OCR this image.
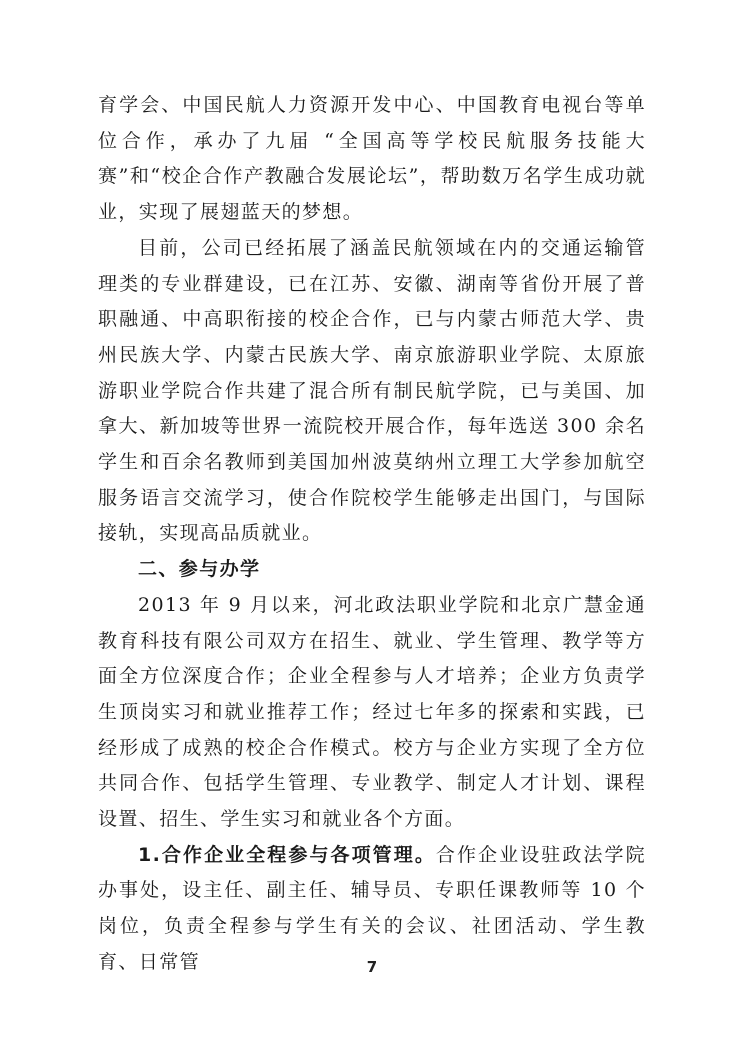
育学会、中国民航人力资源开发中心、中国教育电视台等单位合作，承办了九届 “全国高等学校民航服务技能大赛”和“校企合作产教融合发展论坛”，帮助数万名学生成功就业，实现了展翅蓝天的梦想。

目前，公司已经拓展了涵盖民航领域在内的交通运输管理类的专业群建设，已在江苏、安徽、湖南等省份开展了普职融通、中高职衔接的校企合作，已与内蒙古师范大学、贵州民族大学、内蒙古民族大学、南京旅游职业学院、太原旅游职业学院合作共建了混合所有制民航学院，已与美国、加拿大、新加坡等世界一流院校开展合作，每年选送 300 余名学生和百余名教师到美国加州波莫纳州立理工大学参加航空服务语言交流学习，使合作院校学生能够走出国门，与国际接轨，实现高品质就业。

二、参与办学

2013 年 9 月以来，河北政法职业学院和北京广慧金通教育科技有限公司双方在招生、就业、学生管理、教学等方面全方位深度合作；企业全程参与人才培养；企业方负责学生顶岗实习和就业推荐工作；经过七年多的探索和实践，已经形成了成熟的校企合作模式。校方与企业方实现了全方位共同合作、包括学生管理、专业教学、制定人才计划、课程设置、招生、学生实习和就业各个方面。

1.合作企业全程参与各项管理。合作企业设驻政法学院办事处，设主任、副主任、辅导员、专职任课教师等 10 个岗位，负责全程参与学生有关的会议、社团活动、学生教育、日常管	7
